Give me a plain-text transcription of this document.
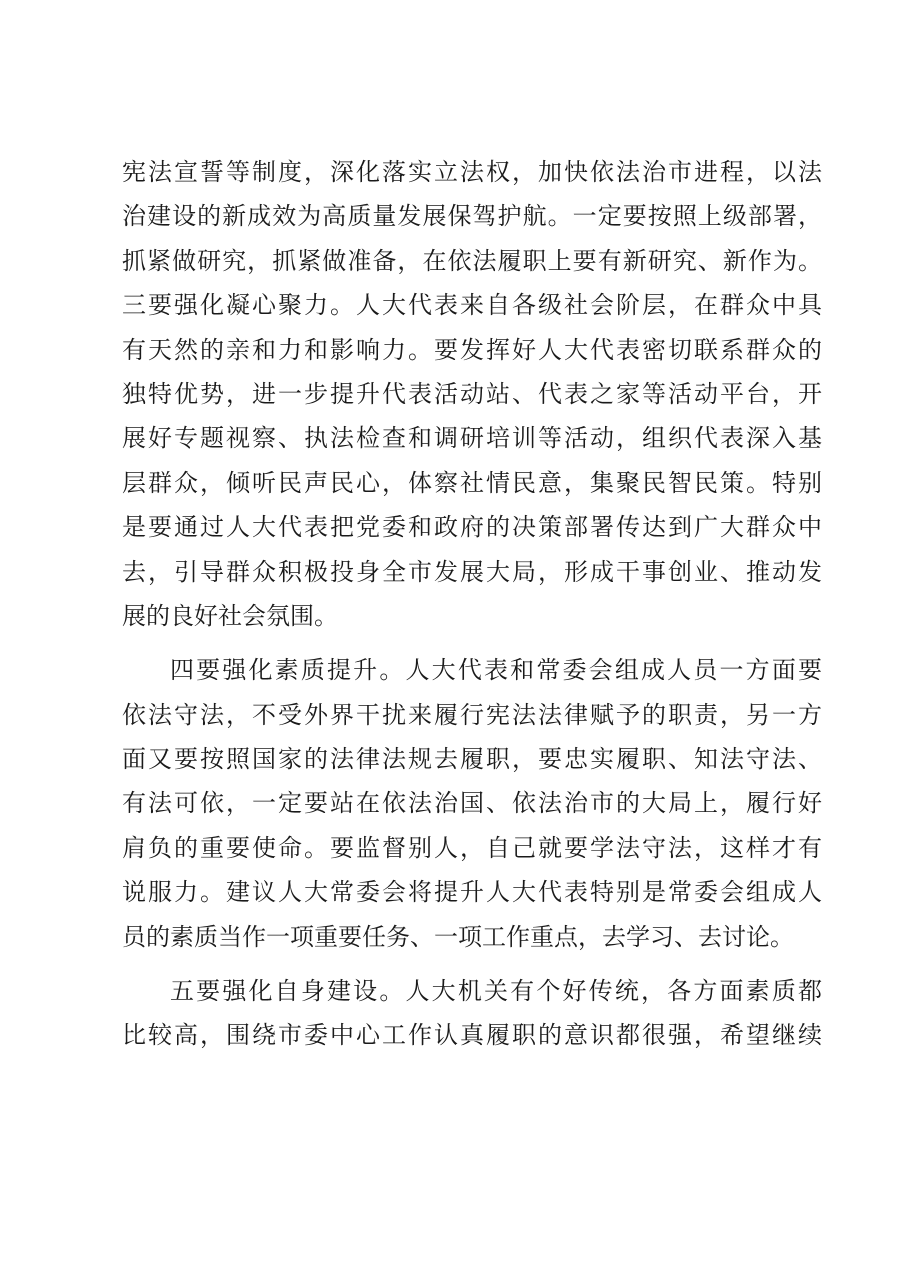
宪法宣誓等制度，深化落实立法权，加快依法治市进程，以法
治建设的新成效为高质量发展保驾护航。一定要按照上级部署，
抓紧做研究，抓紧做准备，在依法履职上要有新研究、新作为。
三要强化凝心聚力。人大代表来自各级社会阶层，在群众中具
有天然的亲和力和影响力。要发挥好人大代表密切联系群众的
独特优势，进一步提升代表活动站、代表之家等活动平台，开
展好专题视察、执法检查和调研培训等活动，组织代表深入基
层群众，倾听民声民心，体察社情民意，集聚民智民策。特别
是要通过人大代表把党委和政府的决策部署传达到广大群众中
去，引导群众积极投身全市发展大局，形成干事创业、推动发
展的良好社会氛围。
四要强化素质提升。人大代表和常委会组成人员一方面要
依法守法，不受外界干扰来履行宪法法律赋予的职责，另一方
面又要按照国家的法律法规去履职，要忠实履职、知法守法、
有法可依，一定要站在依法治国、依法治市的大局上，履行好
肩负的重要使命。要监督别人，自己就要学法守法，这样才有
说服力。建议人大常委会将提升人大代表特别是常委会组成人
员的素质当作一项重要任务、一项工作重点，去学习、去讨论。
五要强化自身建设。人大机关有个好传统，各方面素质都
比较高，围绕市委中心工作认真履职的意识都很强，希望继续
